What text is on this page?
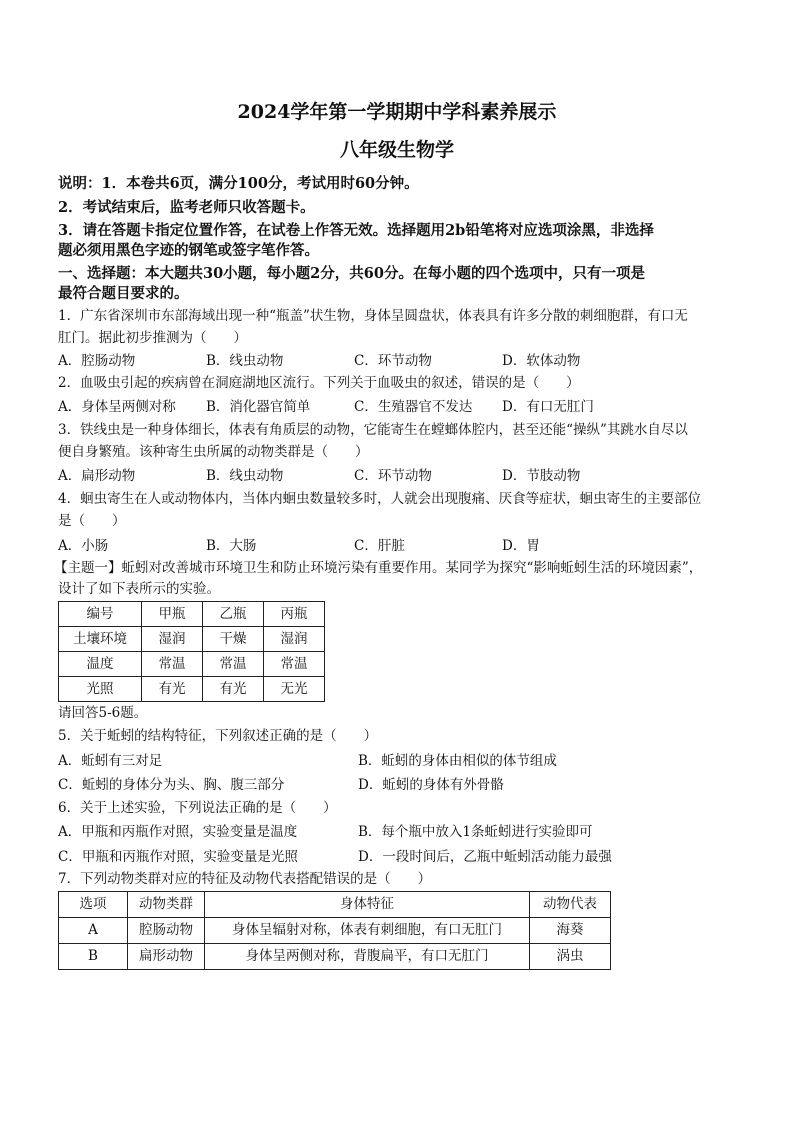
2024学年第一学期期中学科素养展示
八年级生物学

说明：1．本卷共6页，满分100分，考试用时60分钟。

2．考试结束后，监考老师只收答题卡。

3．请在答题卡指定位置作答，在试卷上作答无效。选择题用2b铅笔将对应选项涂黑，非选择

题必须用黑色字迹的钢笔或签字笔作答。

一、选择题：本大题共30小题，每小题2分，共60分。在每小题的四个选项中，只有一项是

最符合题目要求的。

1．广东省深圳市东部海域出现一种“瓶盖”状生物，身体呈圆盘状，体表具有许多分散的刺细胞群，有口无

肛门。据此初步推测为（　　）

A．腔肠动物	B．线虫动物	C．环节动物	D．软体动物

2．血吸虫引起的疾病曾在洞庭湖地区流行。下列关于血吸虫的叙述，错误的是（　　）

A．身体呈两侧对称	B．消化器官简单	C．生殖器官不发达	D．有口无肛门

3．铁线虫是一种身体细长，体表有角质层的动物，它能寄生在螳螂体腔内，甚至还能“操纵”其跳水自尽以

便自身繁殖。该种寄生虫所属的动物类群是（　　）

A．扁形动物	B．线虫动物	C．环节动物	D．节肢动物

4．蛔虫寄生在人或动物体内，当体内蛔虫数量较多时，人就会出现腹痛、厌食等症状，蛔虫寄生的主要部位

是（　　）

A．小肠	B．大肠	C．肝脏	D．胃

【主题一】蚯蚓对改善城市环境卫生和防止环境污染有重要作用。某同学为探究“影响蚯蚓生活的环境因素”，

设计了如下表所示的实验。

编号	甲瓶	乙瓶	丙瓶
土壤环境	湿润	干燥	湿润
温度	常温	常温	常温
光照	有光	有光	无光

请回答5-6题。

5．关于蚯蚓的结构特征，下列叙述正确的是（　　）

A．蚯蚓有三对足	B．蚯蚓的身体由相似的体节组成
C．蚯蚓的身体分为头、胸、腹三部分	D．蚯蚓的身体有外骨骼

6．关于上述实验，下列说法正确的是（　　）

A．甲瓶和丙瓶作对照，实验变量是温度	B．每个瓶中放入1条蚯蚓进行实验即可
C．甲瓶和丙瓶作对照，实验变量是光照	D．一段时间后，乙瓶中蚯蚓活动能力最强

7．下列动物类群对应的特征及动物代表搭配错误的是（　　）

选项	动物类群	身体特征	动物代表
A	腔肠动物	身体呈辐射对称，体表有刺细胞，有口无肛门	海葵
B	扁形动物	身体呈两侧对称，背腹扁平，有口无肛门	涡虫
